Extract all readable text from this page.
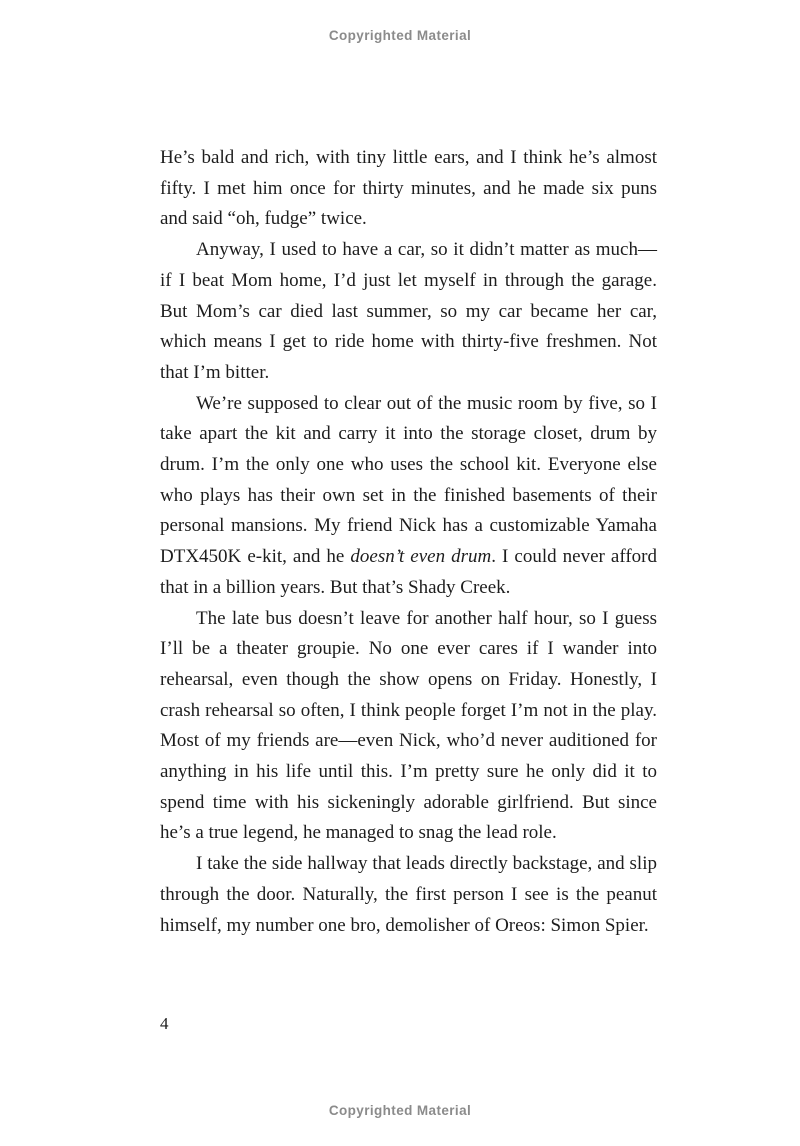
Copyrighted Material

He’s bald and rich, with tiny little ears, and I think he’s almost fifty. I met him once for thirty minutes, and he made six puns and said “oh, fudge” twice.

Anyway, I used to have a car, so it didn’t matter as much—if I beat Mom home, I’d just let myself in through the garage. But Mom’s car died last summer, so my car became her car, which means I get to ride home with thirty-five freshmen. Not that I’m bitter.

We’re supposed to clear out of the music room by five, so I take apart the kit and carry it into the storage closet, drum by drum. I’m the only one who uses the school kit. Everyone else who plays has their own set in the finished basements of their personal mansions. My friend Nick has a customizable Yamaha DTX450K e-kit, and he doesn’t even drum. I could never afford that in a billion years. But that’s Shady Creek.

The late bus doesn’t leave for another half hour, so I guess I’ll be a theater groupie. No one ever cares if I wander into rehearsal, even though the show opens on Friday. Honestly, I crash rehearsal so often, I think people forget I’m not in the play. Most of my friends are—even Nick, who’d never auditioned for anything in his life until this. I’m pretty sure he only did it to spend time with his sickeningly adorable girlfriend. But since he’s a true legend, he managed to snag the lead role.

I take the side hallway that leads directly backstage, and slip through the door. Naturally, the first person I see is the peanut himself, my number one bro, demolisher of Oreos: Simon Spier.

4
Copyrighted Material
